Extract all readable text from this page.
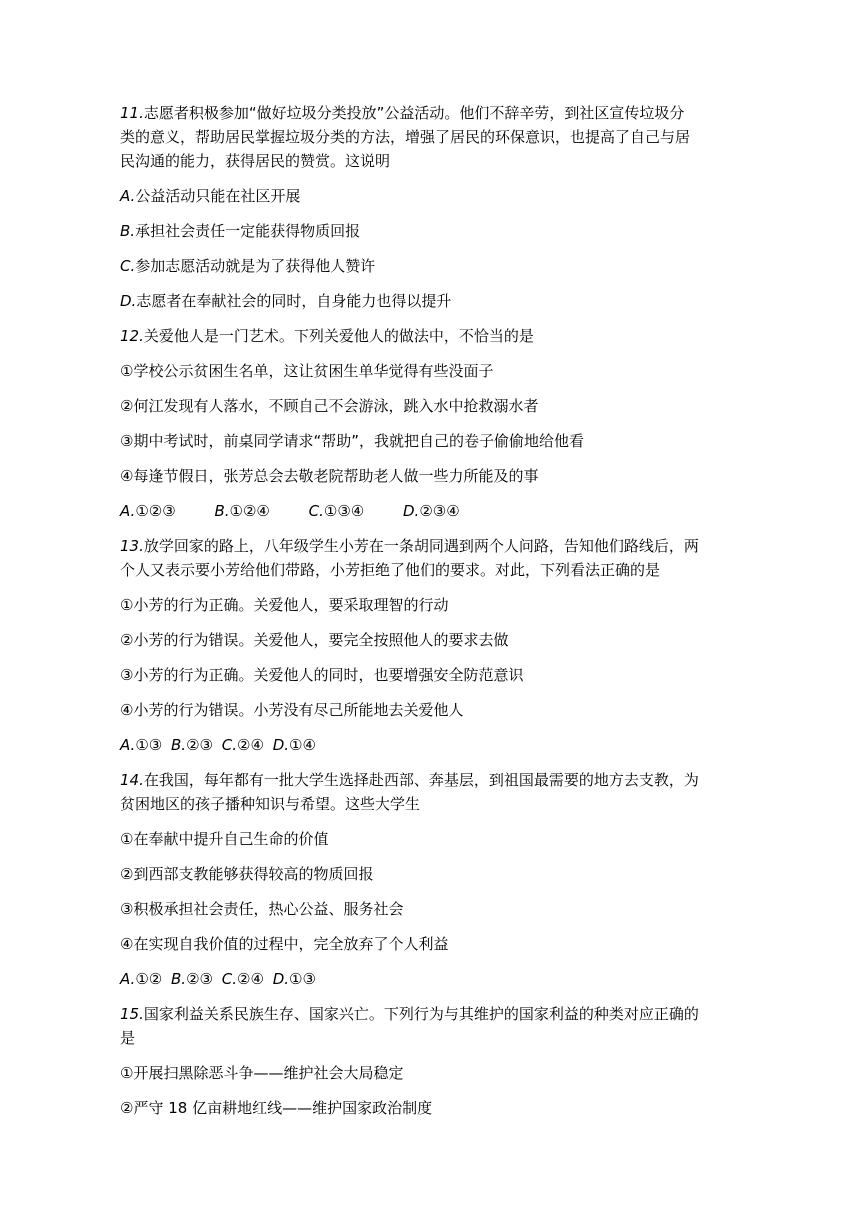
11.志愿者积极参加“做好垃圾分类投放”公益活动。他们不辞辛劳，到社区宣传垃圾分
类的意义，帮助居民掌握垃圾分类的方法，增强了居民的环保意识，也提高了自己与居
民沟通的能力，获得居民的赞赏。这说明
A.公益活动只能在社区开展
B.承担社会责任一定能获得物质回报
C.参加志愿活动就是为了获得他人赞许
D.志愿者在奉献社会的同时，自身能力也得以提升
12.关爱他人是一门艺术。下列关爱他人的做法中，不恰当的是
①学校公示贫困生名单，这让贫困生单华觉得有些没面子
②何江发现有人落水，不顾自己不会游泳，跳入水中抢救溺水者
③期中考试时，前桌同学请求“帮助”，我就把自己的卷子偷偷地给他看
④每逢节假日，张芳总会去敬老院帮助老人做一些力所能及的事
A.①②③	B.①②④	C.①③④	D.②③④
13.放学回家的路上，八年级学生小芳在一条胡同遇到两个人问路，告知他们路线后，两
个人又表示要小芳给他们带路，小芳拒绝了他们的要求。对此，下列看法正确的是
①小芳的行为正确。关爱他人，要采取理智的行动
②小芳的行为错误。关爱他人，要完全按照他人的要求去做
③小芳的行为正确。关爱他人的同时，也要增强安全防范意识
④小芳的行为错误。小芳没有尽己所能地去关爱他人
A.①③ B.②③ C.②④ D.①④
14.在我国，每年都有一批大学生选择赴西部、奔基层，到祖国最需要的地方去支教，为
贫困地区的孩子播种知识与希望。这些大学生
①在奉献中提升自己生命的价值
②到西部支教能够获得较高的物质回报
③积极承担社会责任，热心公益、服务社会
④在实现自我价值的过程中，完全放弃了个人利益
A.①② B.②③ C.②④ D.①③
15.国家利益关系民族生存、国家兴亡。下列行为与其维护的国家利益的种类对应正确的
是
①开展扫黑除恶斗争——维护社会大局稳定
②严守 18 亿亩耕地红线——维护国家政治制度
